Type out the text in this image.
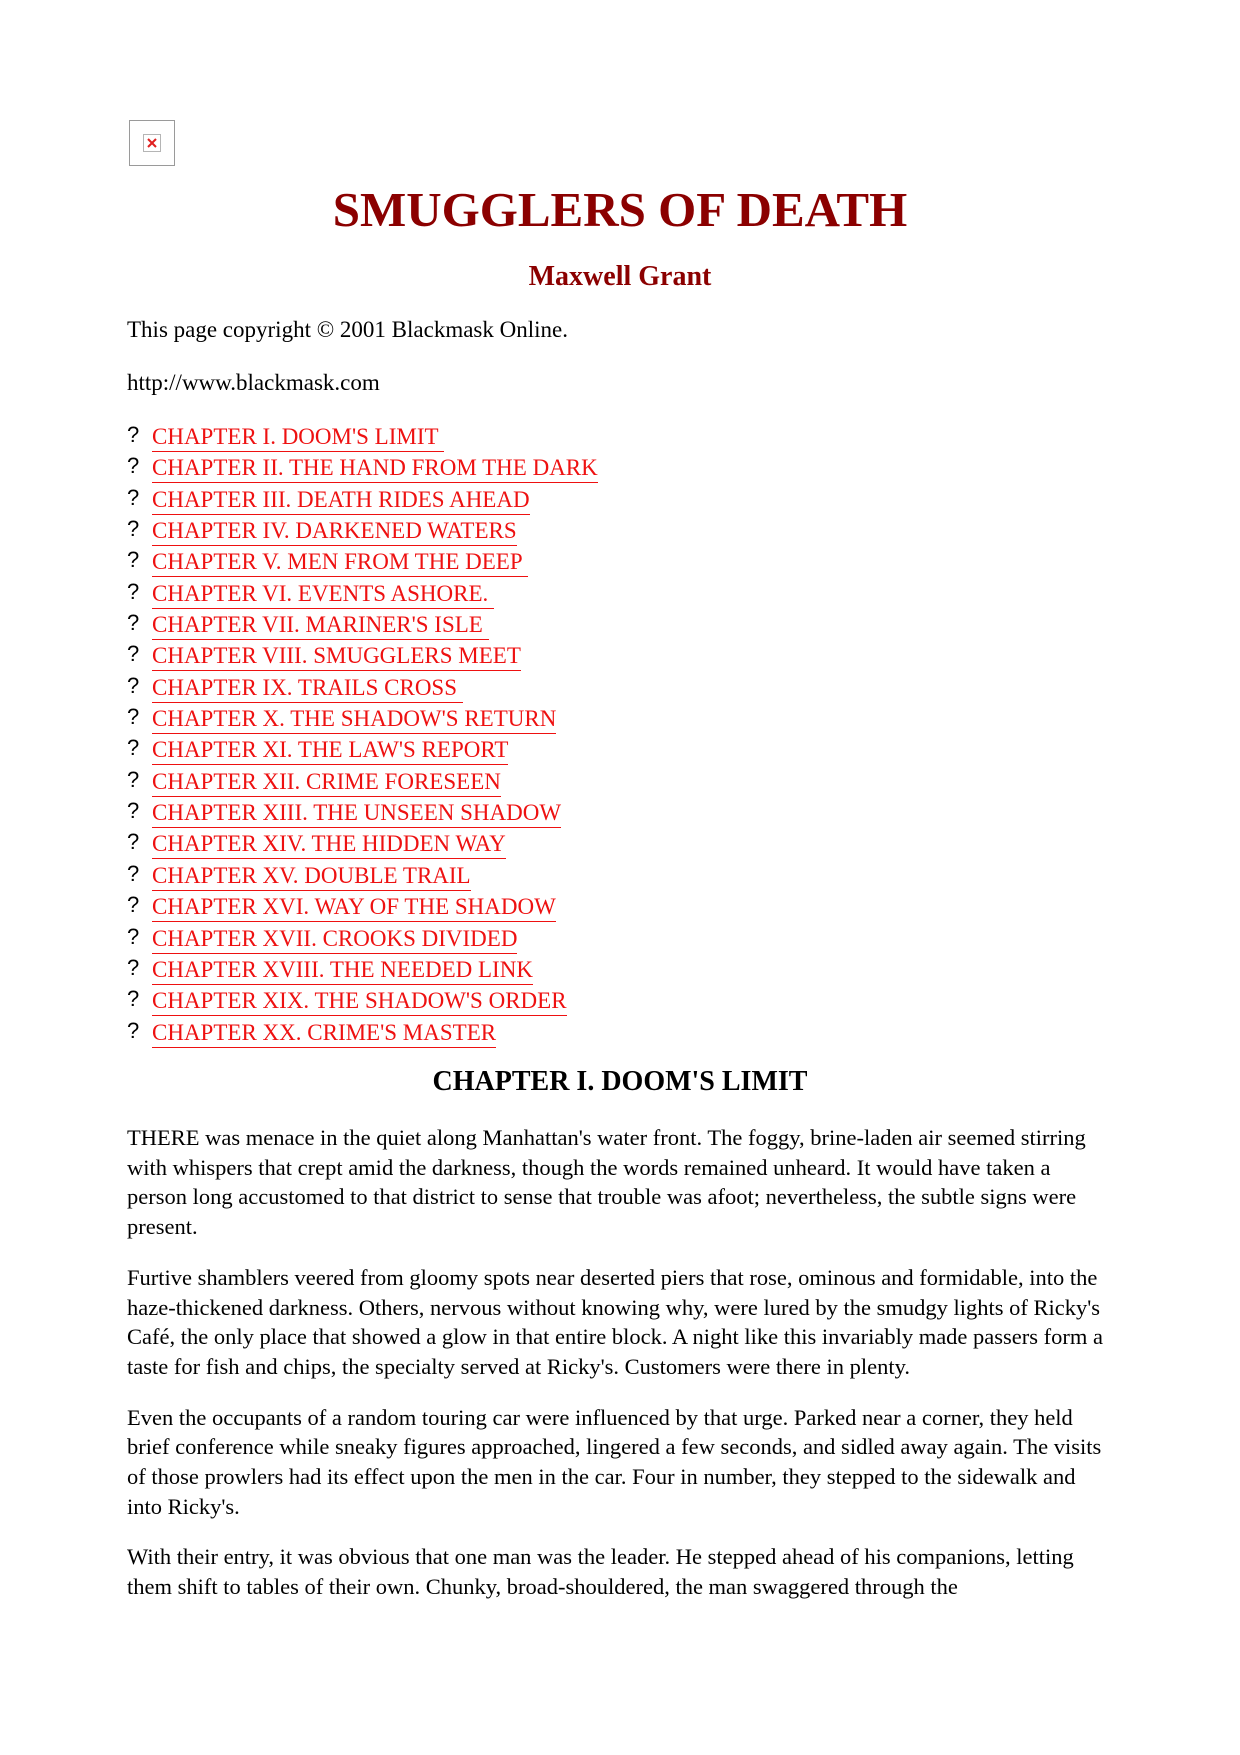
SMUGGLERS OF DEATH
Maxwell Grant

This page copyright © 2001 Blackmask Online.

http://www.blackmask.com

? CHAPTER I. DOOM'S LIMIT
? CHAPTER II. THE HAND FROM THE DARK
? CHAPTER III. DEATH RIDES AHEAD
? CHAPTER IV. DARKENED WATERS
? CHAPTER V. MEN FROM THE DEEP
? CHAPTER VI. EVENTS ASHORE.
? CHAPTER VII. MARINER'S ISLE
? CHAPTER VIII. SMUGGLERS MEET
? CHAPTER IX. TRAILS CROSS
? CHAPTER X. THE SHADOW'S RETURN
? CHAPTER XI. THE LAW'S REPORT
? CHAPTER XII. CRIME FORESEEN
? CHAPTER XIII. THE UNSEEN SHADOW
? CHAPTER XIV. THE HIDDEN WAY
? CHAPTER XV. DOUBLE TRAIL
? CHAPTER XVI. WAY OF THE SHADOW
? CHAPTER XVII. CROOKS DIVIDED
? CHAPTER XVIII. THE NEEDED LINK
? CHAPTER XIX. THE SHADOW'S ORDER
? CHAPTER XX. CRIME'S MASTER
CHAPTER I. DOOM'S LIMIT

THERE was menace in the quiet along Manhattan's water front. The foggy, brine-laden air seemed stirring with whispers that crept amid the darkness, though the words remained unheard. It would have taken a person long accustomed to that district to sense that trouble was afoot; nevertheless, the subtle signs were present.

Furtive shamblers veered from gloomy spots near deserted piers that rose, ominous and formidable, into the haze-thickened darkness. Others, nervous without knowing why, were lured by the smudgy lights of Ricky's Café, the only place that showed a glow in that entire block. A night like this invariably made passers form a taste for fish and chips, the specialty served at Ricky's. Customers were there in plenty.

Even the occupants of a random touring car were influenced by that urge. Parked near a corner, they held brief conference while sneaky figures approached, lingered a few seconds, and sidled away again. The visits of those prowlers had its effect upon the men in the car. Four in number, they stepped to the sidewalk and into Ricky's.

With their entry, it was obvious that one man was the leader. He stepped ahead of his companions, letting them shift to tables of their own. Chunky, broad-shouldered, the man swaggered through the
